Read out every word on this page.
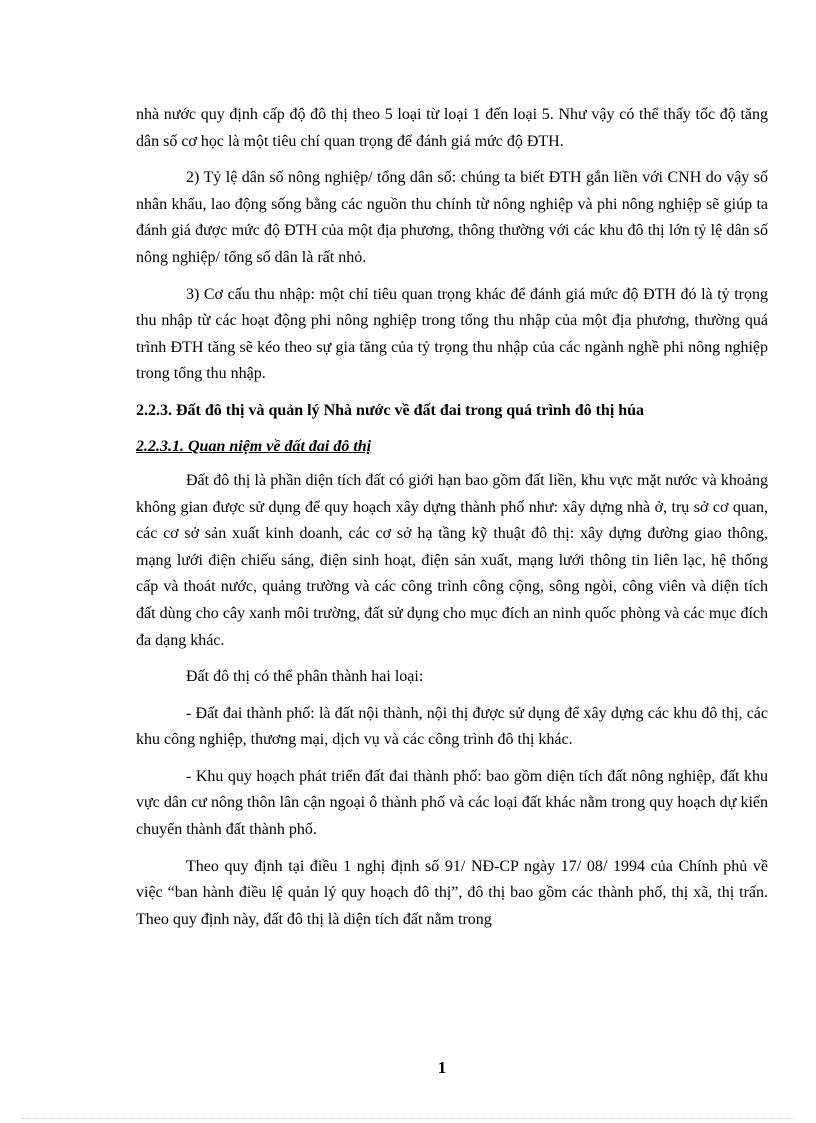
nhà nước quy định cấp độ đô thị theo 5 loại từ loại 1 đến loại 5. Như vậy có thể thấy tốc độ tăng dân số cơ học là một tiêu chí quan trọng để đánh giá mức độ ĐTH.

2) Tỷ lệ dân số nông nghiệp/ tổng dân số: chúng ta biết ĐTH gắn liền với CNH do vậy số nhân khẩu, lao động sống bằng các nguồn thu chính từ nông nghiệp và phi nông nghiệp sẽ giúp ta đánh giá được mức độ ĐTH của một địa phương, thông thường với các khu đô thị lớn tỷ lệ dân số nông nghiệp/ tổng số dân là rất nhỏ.

3) Cơ cấu thu nhập: một chỉ tiêu quan trọng khác để đánh giá mức độ ĐTH đó là tỷ trọng thu nhập từ các hoạt động phi nông nghiệp trong tổng thu nhập của một địa phương, thường quá trình ĐTH tăng sẽ kéo theo sự gia tăng của tỷ trọng thu nhập của các ngành nghề phi nông nghiệp trong tổng thu nhập.

2.2.3. Đất đô thị và quản lý Nhà nước về đất đai trong quá trình đô thị húa
2.2.3.1. Quan niệm về đất đai đô thị

Đất đô thị là phần diện tích đất có giới hạn bao gồm đất liền, khu vực mặt nước và khoảng không gian được sử dụng để quy hoạch xây dựng thành phố như: xây dựng nhà ở, trụ sở cơ quan, các cơ sở sản xuất kinh doanh, các cơ sở hạ tầng kỹ thuật đô thị: xây dựng đường giao thông, mạng lưới điện chiếu sáng, điện sinh hoạt, điện sản xuất, mạng lưới thông tin liên lạc, hệ thống cấp và thoát nước, quảng trường và các công trình công cộng, sông ngòi, công viên và diện tích đất dùng cho cây xanh môi trường, đất sử dụng cho mục đích an ninh quốc phòng và các mục đích đa dạng khác.

Đất đô thị có thể phân thành hai loại:

- Đất đai thành phố: là đất nội thành, nội thị được sử dụng để xây dựng các khu đô thị, các khu công nghiệp, thương mại, dịch vụ và các công trình đô thị khác.

- Khu quy hoạch phát triển đất đai thành phố: bao gồm diện tích đất nông nghiệp, đất khu vực dân cư nông thôn lân cận ngoại ô thành phố và các loại đất khác nằm trong quy hoạch dự kiến chuyển thành đất thành phố.

Theo quy định tại điều 1 nghị định số 91/ NĐ-CP ngày 17/ 08/ 1994 của Chính phủ về việc “ban hành điều lệ quản lý quy hoạch đô thị”, đô thị bao gồm các thành phố, thị xã, thị trấn. Theo quy định này, đất đô thị là diện tích đất nằm trong

1
